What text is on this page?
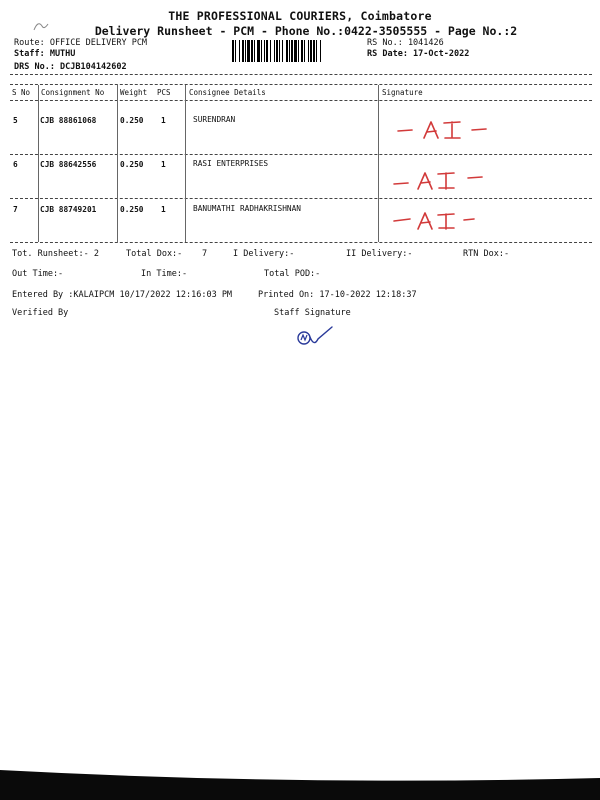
THE PROFESSIONAL COURIERS, Coimbatore
Delivery Runsheet - PCM - Phone No.:0422-3505555 - Page No.:2
Route: OFFICE DELIVERY PCM
Staff: MUTHU
DRS No.: DCJB104142602
RS No.: 1041426
RS Date: 17-Oct-2022
S No Consignment No Weight PCS Consignee Details	Signature
5	CJB 88861068	0.250 1	SURENDRAN
6	CJB 88642556	0.250 1	RASI ENTERPRISES
7	CJB 88749201	0.250 1	BANUMATHI RADHAKRISHNAN
Tot. Runsheet:- 2	Total Dox:- 7	I Delivery:-	II Delivery:-	RTN Dox:-
Out Time:-	In Time:-	Total POD:-
Entered By :KALAIPCM 10/17/2022 12:16:03 PM	Printed On: 17-10-2022 12:18:37
Verified By	Staff Signature
